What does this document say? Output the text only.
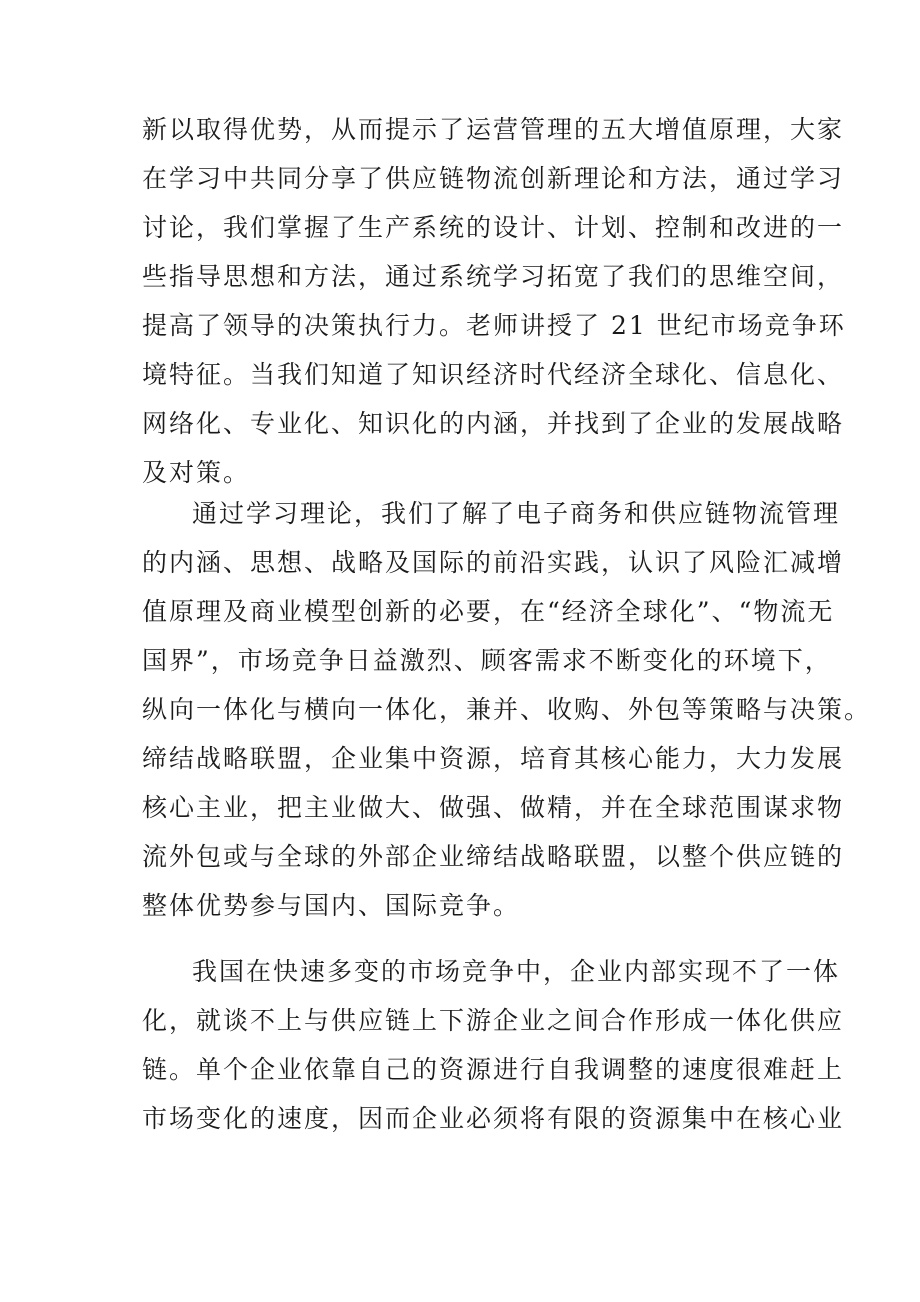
新以取得优势，从而提示了运营管理的五大增值原理，大家
在学习中共同分享了供应链物流创新理论和方法，通过学习
讨论，我们掌握了生产系统的设计、计划、控制和改进的一
些指导思想和方法，通过系统学习拓宽了我们的思维空间，
提高了领导的决策执行力。老师讲授了 21 世纪市场竞争环
境特征。当我们知道了知识经济时代经济全球化、信息化、
网络化、专业化、知识化的内涵，并找到了企业的发展战略
及对策。
通过学习理论，我们了解了电子商务和供应链物流管理
的内涵、思想、战略及国际的前沿实践，认识了风险汇减增
值原理及商业模型创新的必要，在“经济全球化”、“物流无
国界”，市场竞争日益激烈、顾客需求不断变化的环境下，
纵向一体化与横向一体化，兼并、收购、外包等策略与决策。
缔结战略联盟，企业集中资源，培育其核心能力，大力发展
核心主业，把主业做大、做强、做精，并在全球范围谋求物
流外包或与全球的外部企业缔结战略联盟，以整个供应链的
整体优势参与国内、国际竞争。
我国在快速多变的市场竞争中，企业内部实现不了一体
化，就谈不上与供应链上下游企业之间合作形成一体化供应
链。单个企业依靠自己的资源进行自我调整的速度很难赶上
市场变化的速度，因而企业必须将有限的资源集中在核心业
